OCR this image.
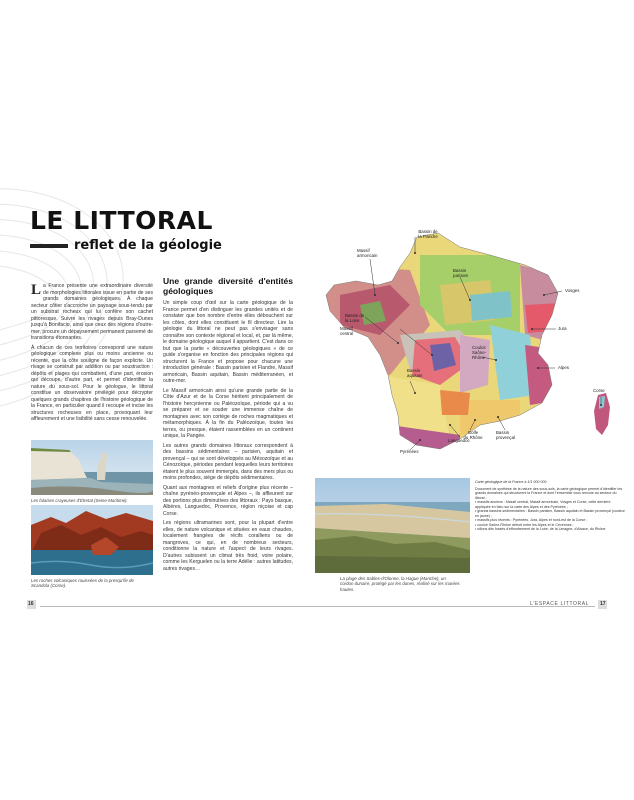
LE LITTORAL
reflet de la géologie

La France présente une extraordinaire diversité de morphologies littorales issue en partie de ses grands domaines géologiques. À chaque secteur côtier s'accroche un paysage sous-tendu par un substrat rocheux qui lui confère son cachet pittoresque. Suivre les rivages depuis Bray-Dunes jusqu'à Bonifacio, ainsi que ceux des régions d'outre-mer, procure un dépaysement permanent parsemé de transitions étonnantes.

À chacun de ces territoires correspond une nature géologique complexe plus ou moins ancienne ou récente, que la côte souligne de façon explicite. Un rivage se construit par addition ou par soustraction : dépôts et plages qui combattent, d'une part, érosion qui découpe, d'autre part, et permet d'identifier la nature du sous-sol. Pour le géologue, le littoral constitue un observatoire privilégié pour décrypter quelques grands chapitres de l'histoire géologique de la France, en particulier quand il recoupe et incise les structures rocheuses en place, provoquant leur affleurement et une lisibilité sans cesse renouvelée.

Les falaises crayeuses d'Étretat (Seine-Maritime).
Les roches volcaniques rouissées de la presqu'île de Scandola (Corse).
Une grande diversité d'entités géologiques

Un simple coup d'œil sur la carte géologique de la France permet d'en distinguer les grandes unités et de constater que bon nombre d'entre elles débouchent sur les côtes, dont elles constituent le fil directeur. Lire la géologie du littoral ne peut pas s'envisager sans connaître son contexte régional et local, et, par là même, le domaine géologique auquel il appartient. C'est dans ce but que la partie « découvertes géologiques » de ce guide s'organise en fonction des principales régions qui structurent la France et propose pour chacune une introduction générale : Bassin parisien et Flandre, Massif armoricain, Bassin aquitain, Bassin méditerranéen, et outre-mer.

Le Massif armoricain ainsi qu'une grande partie de la Côte d'Azur et de la Corse héritent principalement de l'histoire hercynienne ou Paléozoïque, période qui a vu se préparer et se souder une immense chaîne de montagnes avec son cortège de roches magmatiques et métamorphiques. À la fin du Paléozoïque, toutes les terres, ou presque, étaient rassemblées en un continent unique, la Pangée.

Les autres grands domaines littoraux correspondent à des bassins sédimentaires – parisien, aquitain et provençal – qui se sont développés au Mésozoïque et au Cénozoïque, périodes pendant lesquelles leurs territoires étaient le plus souvent immergés, dans des mers plus ou moins profondes, siège de dépôts sédimentaires.

Quant aux montagnes et reliefs d'origine plus récente – chaîne pyrénéo-provençale et Alpes –, ils affleurent sur des portions plus diminutives des littoraux : Pays basque, Albères, Languedoc, Provence, région niçoise et cap Corse.

Les régions ultramarines sont, pour la plupart d'entre elles, de nature volcanique et situées en eaux chaudes, localement frangées de récifs coralliens ou de mangroves, ce qui, en de nombreux secteurs, conditionne la nature et l'aspect de leurs rivages. D'autres subissent un climat très froid, voire polaire, comme les Kerguelen ou la terre Adélie : autres latitudes, autres rivages…

Bassin de
la Flandre
Massif
armoricain
Bassin
parisien
Vosges
Bassin de
la Loire
Jura
Massif
central
Couloir
Saône-
Rhône
Alpes
Bassin
aquitain
Pyrénées
Languedoc
Golfe
du Rhône
Bassin
provençal
Corse
La plage des Sables-d'Olonne, la Hague (Manche), un cordon dunaire, protégé par les dunes, réalisé sur les marées hautes.
Carte géologique de la France à 1/1 000 000.

Document de synthèse de la nature des sous-sols, la carte géologique permet d'identifier les grands domaines qui structurent la France et dont l'ensemble vous renvoie au secteur du littoral :

• massifs anciens : Massif central, Massif armoricain, Vosges et Corse, cette dernière appliquée en bleu sur la carte des Alpes et des Pyrénées ;

• grands bassins sédimentaires : Bassin parisien, Bassin aquitain et Bassin provençal (couleur en jaune) ;

• massifs plus récents : Pyrénées, Jura, Alpes et nord-est de la Corse ;

• couloir Saône-Rhône détroit entre les Alpes et le Cévennes ;

• sillons dits fossés d'effondrement de la Loire, de la Limagne, d'Alsace, du Rhône.

16	L'ESPACE LITTORAL 17
